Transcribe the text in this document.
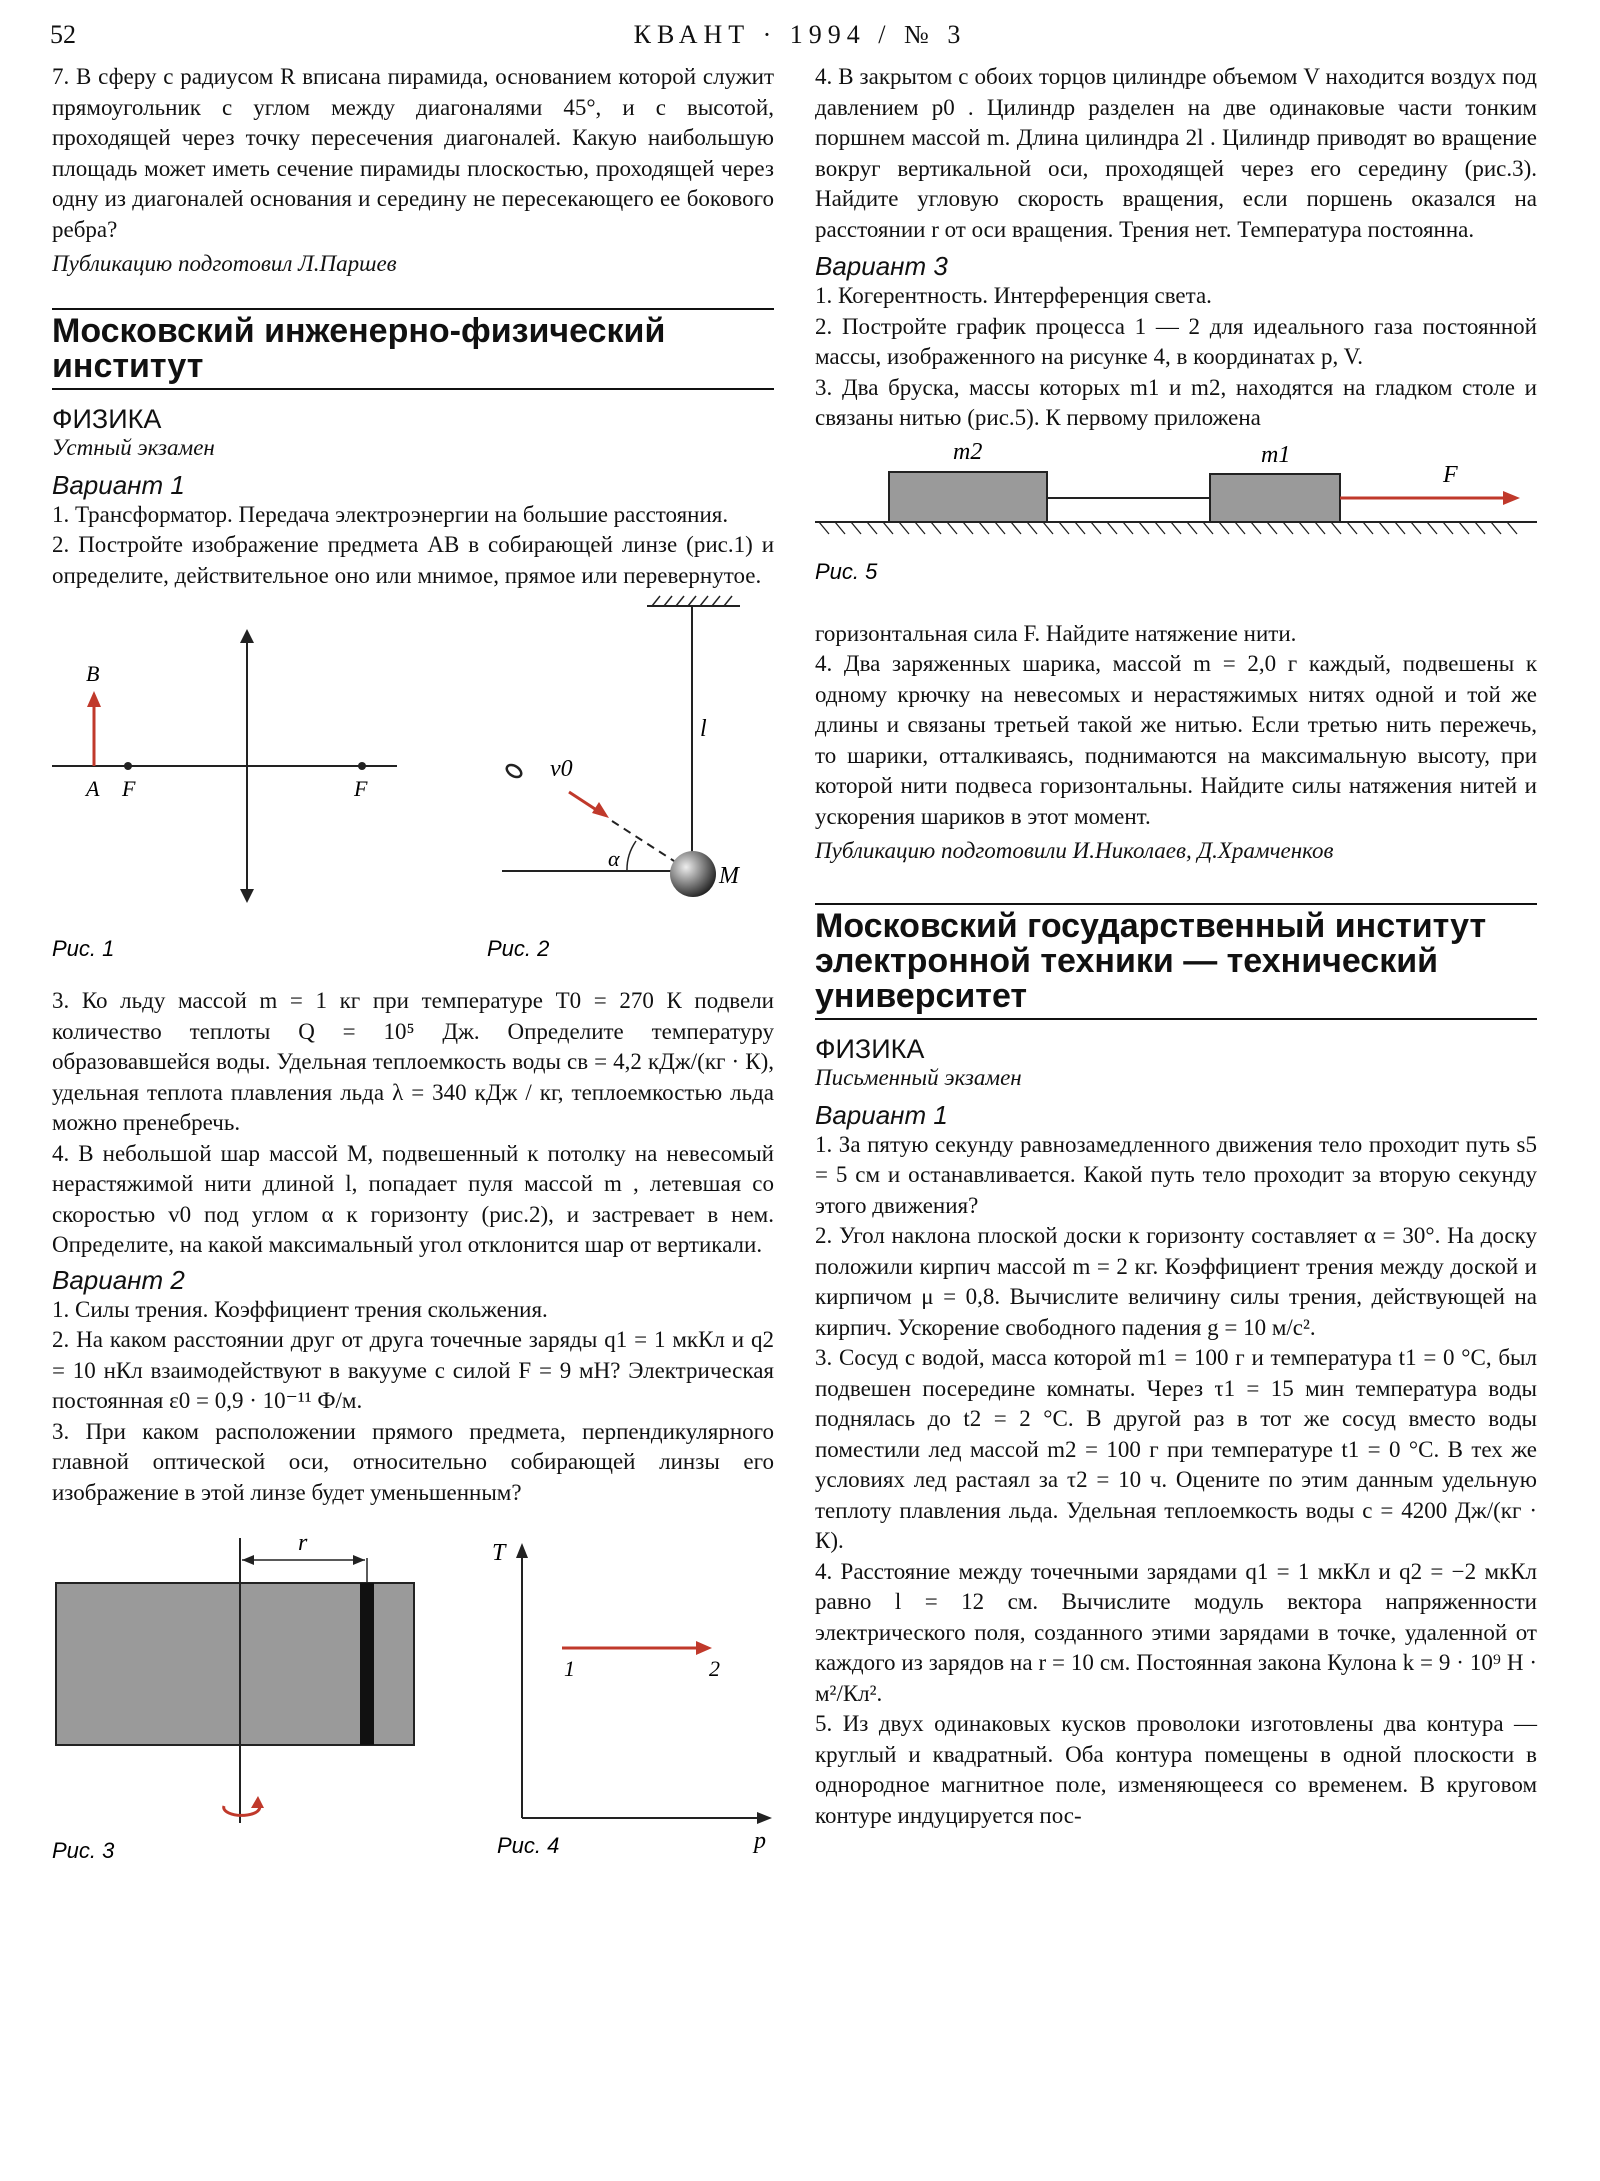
52	КВАНТ · 1994 / № 3

7. В сферу с радиусом R вписана пирамида, основанием которой служит прямоугольник с углом между диагоналями 45°, и с высотой, проходящей через точку пересечения диагоналей. Какую наибольшую площадь может иметь сечение пирамиды плоскостью, проходящей через одну из диагоналей основания и середину не пересекающего ее бокового ребра?

Публикацию подготовил Л.Паршев

Московский инженерно-физический институт

ФИЗИКА

Устный экзамен

Вариант 1

1. Трансформатор. Передача электроэнергии на большие расстояния.

2. Постройте изображение предмета AB в собирающей линзе (рис.1) и определите, действительное оно или мнимое, прямое или перевернутое.

B
A F	F
Рис. 1
l
M
v0
α
Рис. 2

3. Ко льду массой m = 1 кг при температуре T0 = 270 К подвели количество теплоты Q = 10⁵ Дж. Определите температуру образовавшейся воды. Удельная теплоемкость воды cв = 4,2 кДж/(кг · К), удельная теплота плавления льда λ = 340 кДж / кг, теплоемкостью льда можно пренебречь.

4. В небольшой шар массой M, подвешенный к потолку на невесомый нерастяжимой нити длиной l, попадает пуля массой m , летевшая со скоростью v0 под углом α к горизонту (рис.2), и застревает в нем. Определите, на какой максимальный угол отклонится шар от вертикали.

Вариант 2

1. Силы трения. Коэффициент трения скольжения.

2. На каком расстоянии друг от друга точечные заряды q1 = 1 мкКл и q2 = 10 нКл взаимодействуют в вакууме с силой F = 9 мН? Электрическая постоянная ε0 = 0,9 · 10⁻¹¹ Ф/м.

3. При каком расположении прямого предмета, перпендикулярного главной оптической оси, относительно собирающей линзы его изображение в этой линзе будет уменьшенным?

r
Рис. 3
T
p
1	2
Рис. 4

4. В закрытом с обоих торцов цилиндре объемом V находится воздух под давлением p0 . Цилиндр разделен на две одинаковые части тонким поршнем массой m. Длина цилиндра 2l . Цилиндр приводят во вращение вокруг вертикальной оси, проходящей через его середину (рис.3). Найдите угловую скорость вращения, если поршень оказался на расстоянии r от оси вращения. Трения нет. Температура постоянна.

Вариант 3

1. Когерентность. Интерференция света.

2. Постройте график процесса 1 — 2 для идеального газа постоянной массы, изображенного на рисунке 4, в координатах p, V.

3. Два бруска, массы которых m1 и m2, находятся на гладком столе и связаны нитью (рис.5). К первому приложена

m2	m1
F
Рис. 5

горизонтальная сила F. Найдите натяжение нити.

4. Два заряженных шарика, массой m = 2,0 г каждый, подвешены к одному крючку на невесомых и нерастяжимых нитях одной и той же длины и связаны третьей такой же нитью. Если третью нить пережечь, то шарики, отталкиваясь, поднимаются на максимальную высоту, при которой нити подвеса горизонтальны. Найдите силы натяжения нитей и ускорения шариков в этот момент.

Публикацию подготовили И.Николаев, Д.Храмченков

Московский государственный институт электронной техники — технический университет

ФИЗИКА

Письменный экзамен

Вариант 1

1. За пятую секунду равнозамедленного движения тело проходит путь s5 = 5 см и останавливается. Какой путь тело проходит за вторую секунду этого движения?

2. Угол наклона плоской доски к горизонту составляет α = 30°. На доску положили кирпич массой m = 2 кг. Коэффициент трения между доской и кирпичом μ = 0,8. Вычислите величину силы трения, действующей на кирпич. Ускорение свободного падения g = 10 м/с².

3. Сосуд с водой, масса которой m1 = 100 г и температура t1 = 0 °C, был подвешен посередине комнаты. Через τ1 = 15 мин температура воды поднялась до t2 = 2 °C. В другой раз в тот же сосуд вместо воды поместили лед массой m2 = 100 г при температуре t1 = 0 °C. В тех же условиях лед растаял за τ2 = 10 ч. Оцените по этим данным удельную теплоту плавления льда. Удельная теплоемкость воды c = 4200 Дж/(кг · К).

4. Расстояние между точечными зарядами q1 = 1 мкКл и q2 = −2 мкКл равно l = 12 см. Вычислите модуль вектора напряженности электрического поля, созданного этими зарядами в точке, удаленной от каждого из зарядов на r = 10 см. Постоянная закона Кулона k = 9 · 10⁹ Н · м²/Кл².

5. Из двух одинаковых кусков проволоки изготовлены два контура — круглый и квадратный. Оба контура помещены в одной плоскости в однородное магнитное поле, изменяющееся со временем. В круговом контуре индуцируется пос-
